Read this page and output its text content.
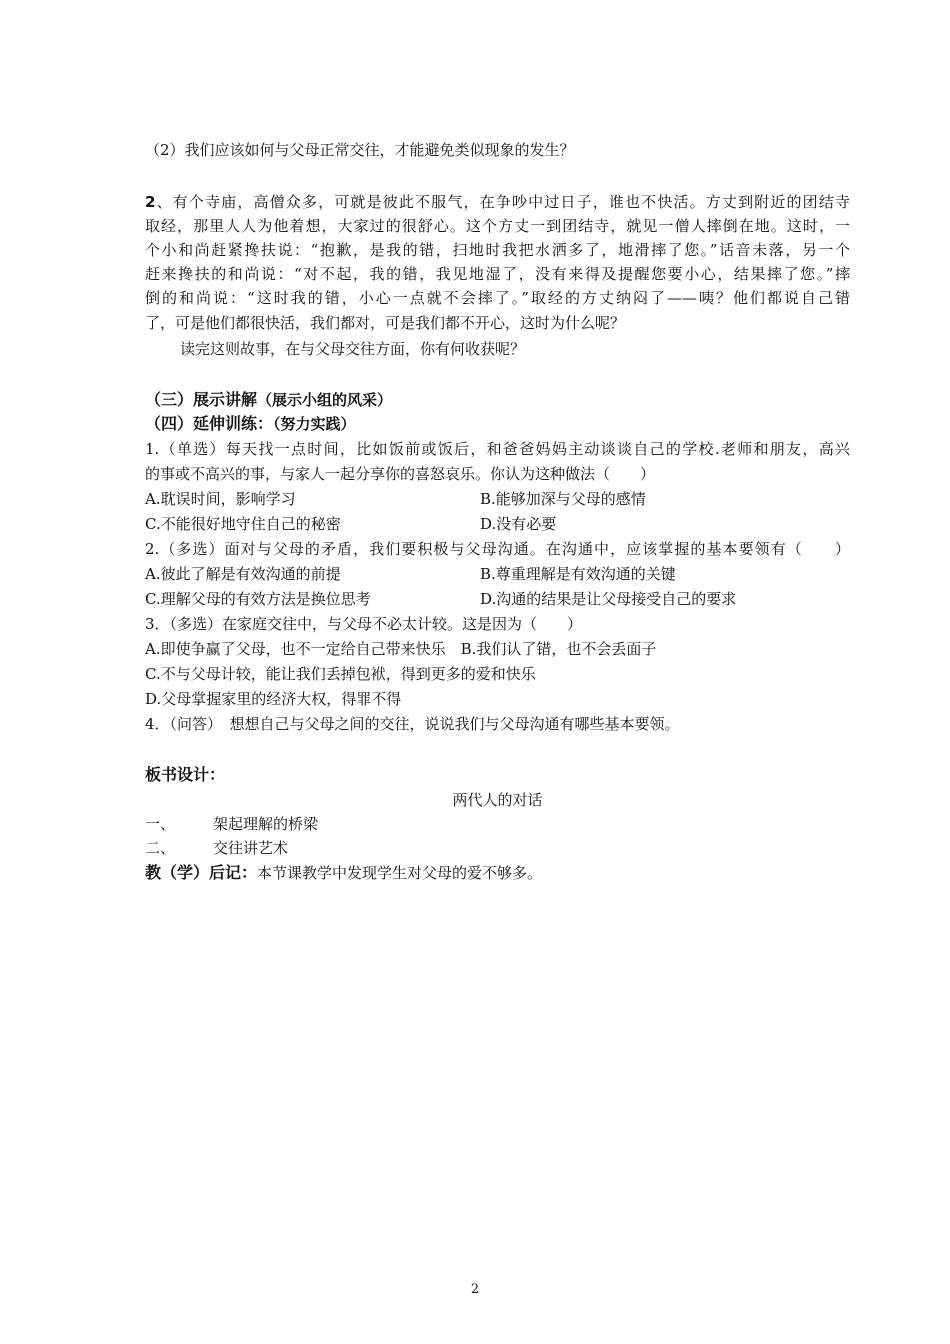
（2）我们应该如何与父母正常交往，才能避免类似现象的发生？
2、有个寺庙，高僧众多，可就是彼此不服气，在争吵中过日子，谁也不快活。方丈到附近的团结寺
取经，那里人人为他着想，大家过的很舒心。这个方丈一到团结寺，就见一僧人摔倒在地。这时，一
个小和尚赶紧搀扶说：“抱歉，是我的错，扫地时我把水洒多了，地滑摔了您。”话音未落，另一个
赶来搀扶的和尚说：“对不起，我的错，我见地湿了，没有来得及提醒您要小心，结果摔了您。”摔
倒的和尚说：“这时我的错，小心一点就不会摔了。”取经的方丈纳闷了——咦？他们都说自己错
了，可是他们都很快活，我们都对，可是我们都不开心，这时为什么呢？
读完这则故事，在与父母交往方面，你有何收获呢？
（三）展示讲解（展示小组的风采）
（四）延伸训练：（努力实践）
1.（单选）每天找一点时间，比如饭前或饭后，和爸爸妈妈主动谈谈自己的学校.老师和朋友，高兴
的事或不高兴的事，与家人一起分享你的喜怒哀乐。你认为这种做法（　　）
A.耽误时间，影响学习	B.能够加深与父母的感情
C.不能很好地守住自己的秘密	D.没有必要
2.（多选）面对与父母的矛盾，我们要积极与父母沟通。在沟通中，应该掌握的基本要领有（　　）
A.彼此了解是有效沟通的前提	B.尊重理解是有效沟通的关键
C.理解父母的有效方法是换位思考	D.沟通的结果是让父母接受自己的要求
3．（多选）在家庭交往中，与父母不必太计较。这是因为（　　）
A.即使争赢了父母，也不一定给自己带来快乐　B.我们认了错，也不会丢面子
C.不与父母计较，能让我们丢掉包袱，得到更多的爱和快乐
D.父母掌握家里的经济大权，得罪不得
4．（问答）　想想自己与父母之间的交往，说说我们与父母沟通有哪些基本要领。
板书设计：
两代人的对话
一、	架起理解的桥梁
二、	交往讲艺术
教（学）后记：本节课教学中发现学生对父母的爱不够多。
2
